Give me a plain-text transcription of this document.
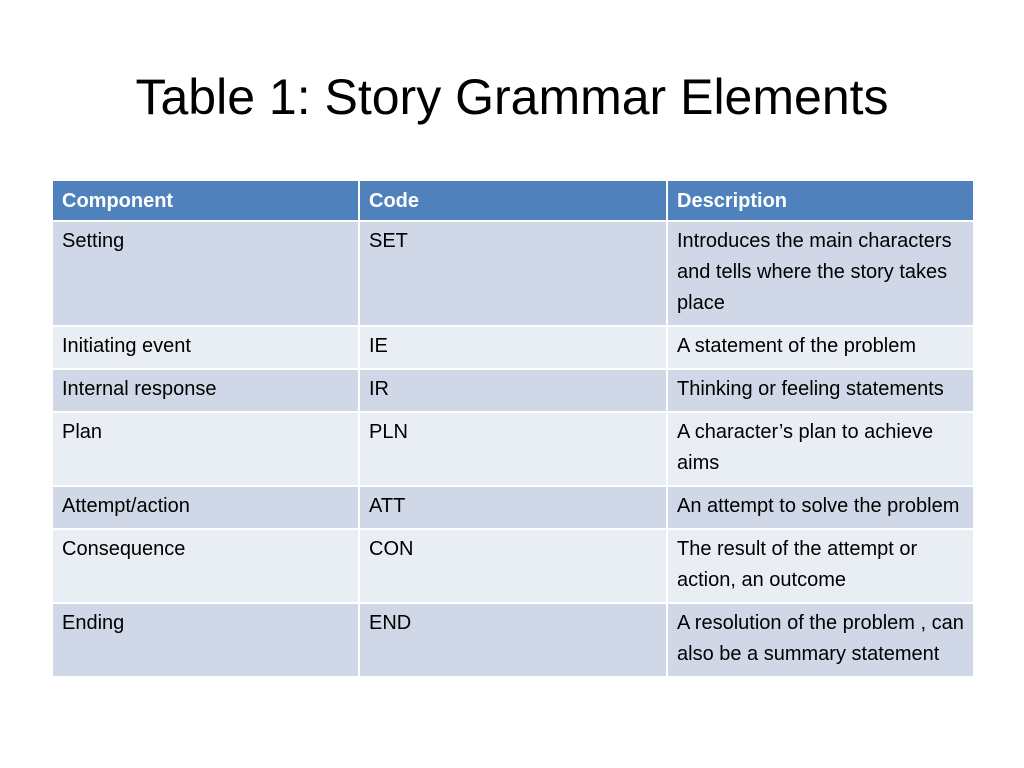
Table 1: Story Grammar Elements
Component	Code	Description
Setting	SET	Introduces the main characters and tells where the story takes place
Initiating event	IE	A statement of the problem
Internal response	IR	Thinking or feeling statements
Plan	PLN	A character’s plan to achieve aims
Attempt/action	ATT	An attempt to solve the problem
Consequence	CON	The result of the attempt or action, an outcome
Ending	END	A resolution of the problem , can also be a summary statement
